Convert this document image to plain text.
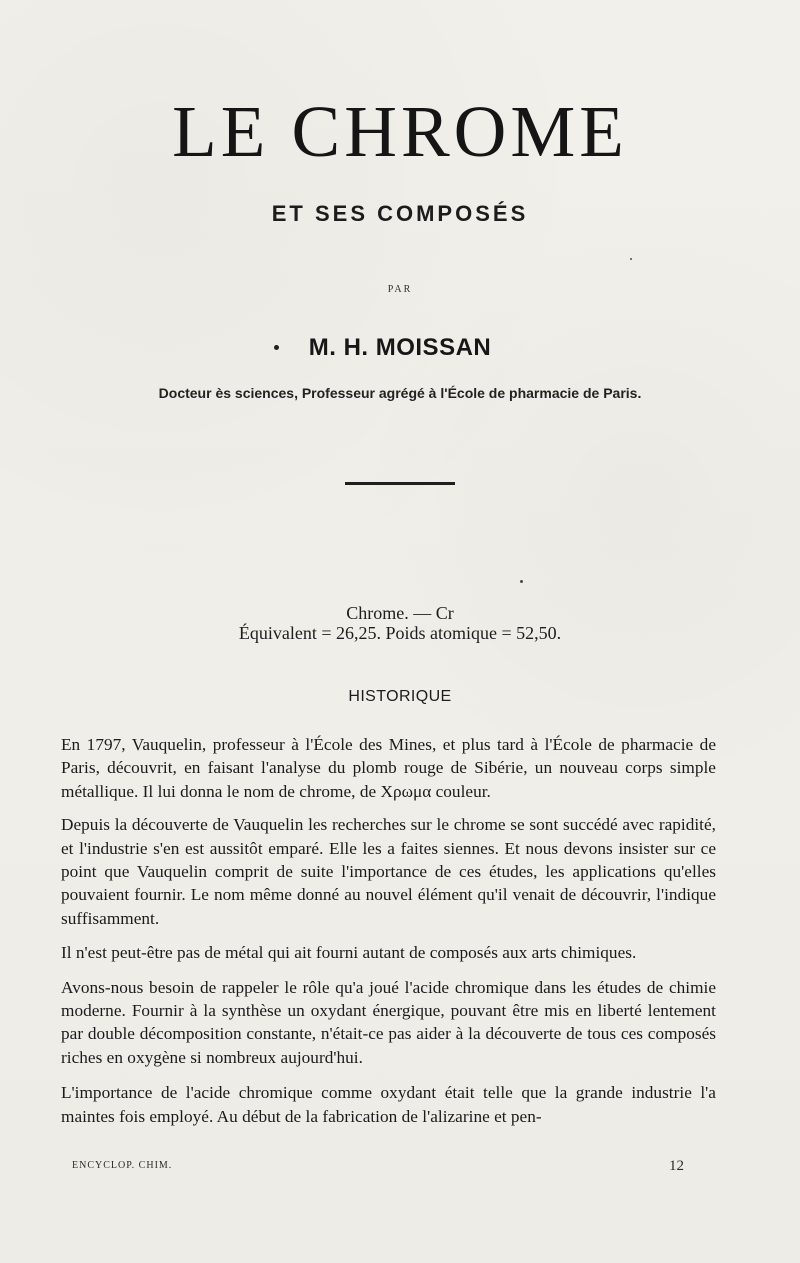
LE CHROME
ET SES COMPOSÉS
PAR
M. H. MOISSAN
Docteur ès sciences, Professeur agrégé à l'École de pharmacie de Paris.
Chrome. — Cr
Équivalent = 26,25. Poids atomique = 52,50.
HISTORIQUE

En 1797, Vauquelin, professeur à l'École des Mines, et plus tard à l'École de pharmacie de Paris, découvrit, en faisant l'analyse du plomb rouge de Sibérie, un nouveau corps simple métallique. Il lui donna le nom de chrome, de Χρωμα couleur.

Depuis la découverte de Vauquelin les recherches sur le chrome se sont succédé avec rapidité, et l'industrie s'en est aussitôt emparé. Elle les a faites siennes. Et nous devons insister sur ce point que Vauquelin comprit de suite l'importance de ces études, les applications qu'elles pouvaient fournir. Le nom même donné au nouvel élément qu'il venait de découvrir, l'indique suffisamment.

Il n'est peut-être pas de métal qui ait fourni autant de composés aux arts chimiques.

Avons-nous besoin de rappeler le rôle qu'a joué l'acide chromique dans les études de chimie moderne. Fournir à la synthèse un oxydant énergique, pouvant être mis en liberté lentement par double décomposition constante, n'était-ce pas aider à la découverte de tous ces composés riches en oxygène si nombreux aujourd'hui.

L'importance de l'acide chromique comme oxydant était telle que la grande industrie l'a maintes fois employé. Au début de la fabrication de l'alizarine et pen-

ENCYCLOP. CHIM.	12
